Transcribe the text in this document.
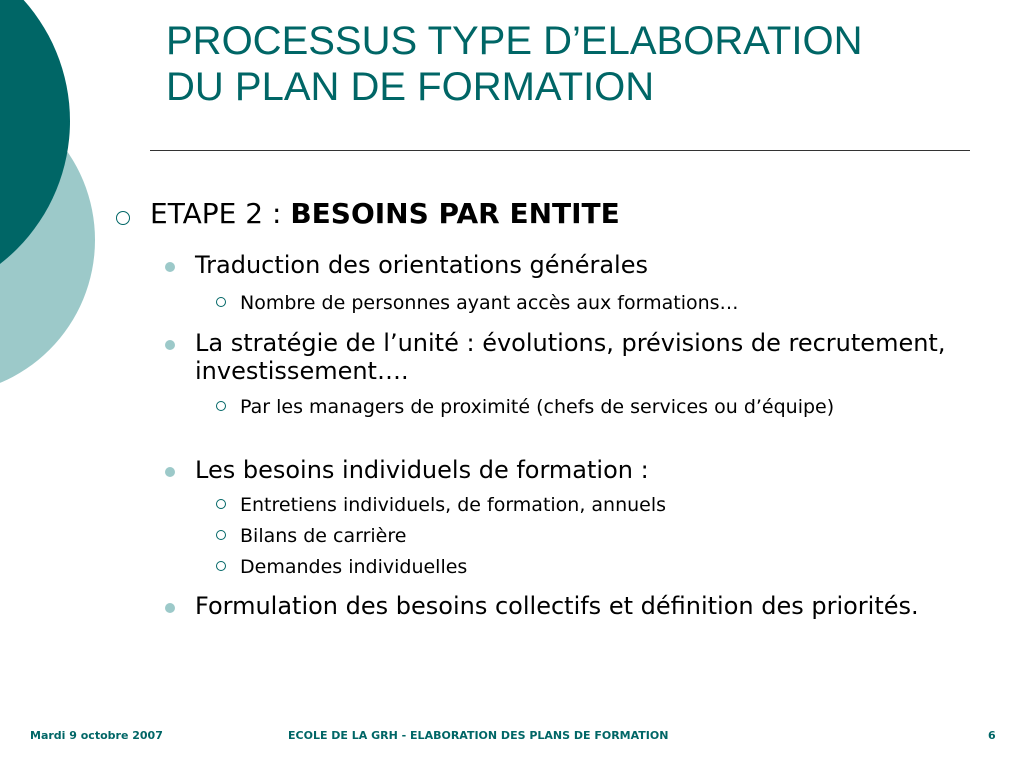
PROCESSUS TYPE D’ELABORATION
DU PLAN DE FORMATION
ETAPE 2 : BESOINS PAR ENTITE
Traduction des orientations générales
Nombre de personnes ayant accès aux formations…
La stratégie de l’unité : évolutions, prévisions de recrutement, investissement….
Par les managers de proximité (chefs de services ou d’équipe)
Les besoins individuels de formation :
Entretiens individuels, de formation, annuels
Bilans de carrière
Demandes individuelles
Formulation des besoins collectifs et définition des priorités.
Mardi 9 octobre 2007	ECOLE DE LA GRH - ELABORATION DES PLANS DE FORMATION	6
